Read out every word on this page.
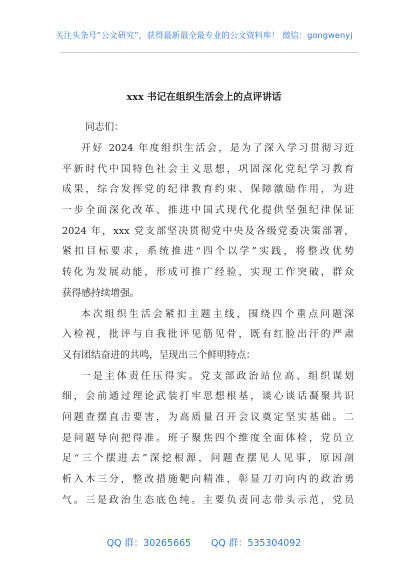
关注头条号“公文研究”，获得最新最全最专业的公文资料库！ 微信：gongwenyj
xxx 书记在组织生活会上的点评讲话
同志们：
开好 2024 年度组织生活会，是为了深入学习贯彻习近
平新时代中国特色社会主义思想，巩固深化党纪学习教育
成果，综合发挥党的纪律教育约束、保障激励作用，为进
一步全面深化改革、推进中国式现代化提供坚强纪律保证
2024 年，xxx 党支部坚决贯彻党中央及各级党委决策部署，
紧扣目标要求，系统推进“四个以学”实践，将整改优势
转化为发展动能，形成可推广经验，实现工作突破，群众
获得感持续增强。
本次组织生活会紧扣主题主线，围绕四个重点问题深
入检视，批评与自我批评见筋见骨，既有红脸出汗的严肃
又有团结奋进的共鸣，呈现出三个鲜明特点：
一是主体责任压得实。党支部政治站位高、组织谋划
细，会前通过理论武装打牢思想根基，谈心谈话凝聚共识
问题查摆直击要害，为高质量召开会议奠定坚实基础。二
是问题导向把得准。班子聚焦四个维度全面体检，党员立
足“三个摆进去”深挖根源，问题查摆见人见事，原因剖
析入木三分，整改措施靶向精准，彰显刀刃向内的政治勇
气。三是政治生态底色纯。主要负责同志带头示范，党员
QQ 群：30265665 QQ 群：535304092
